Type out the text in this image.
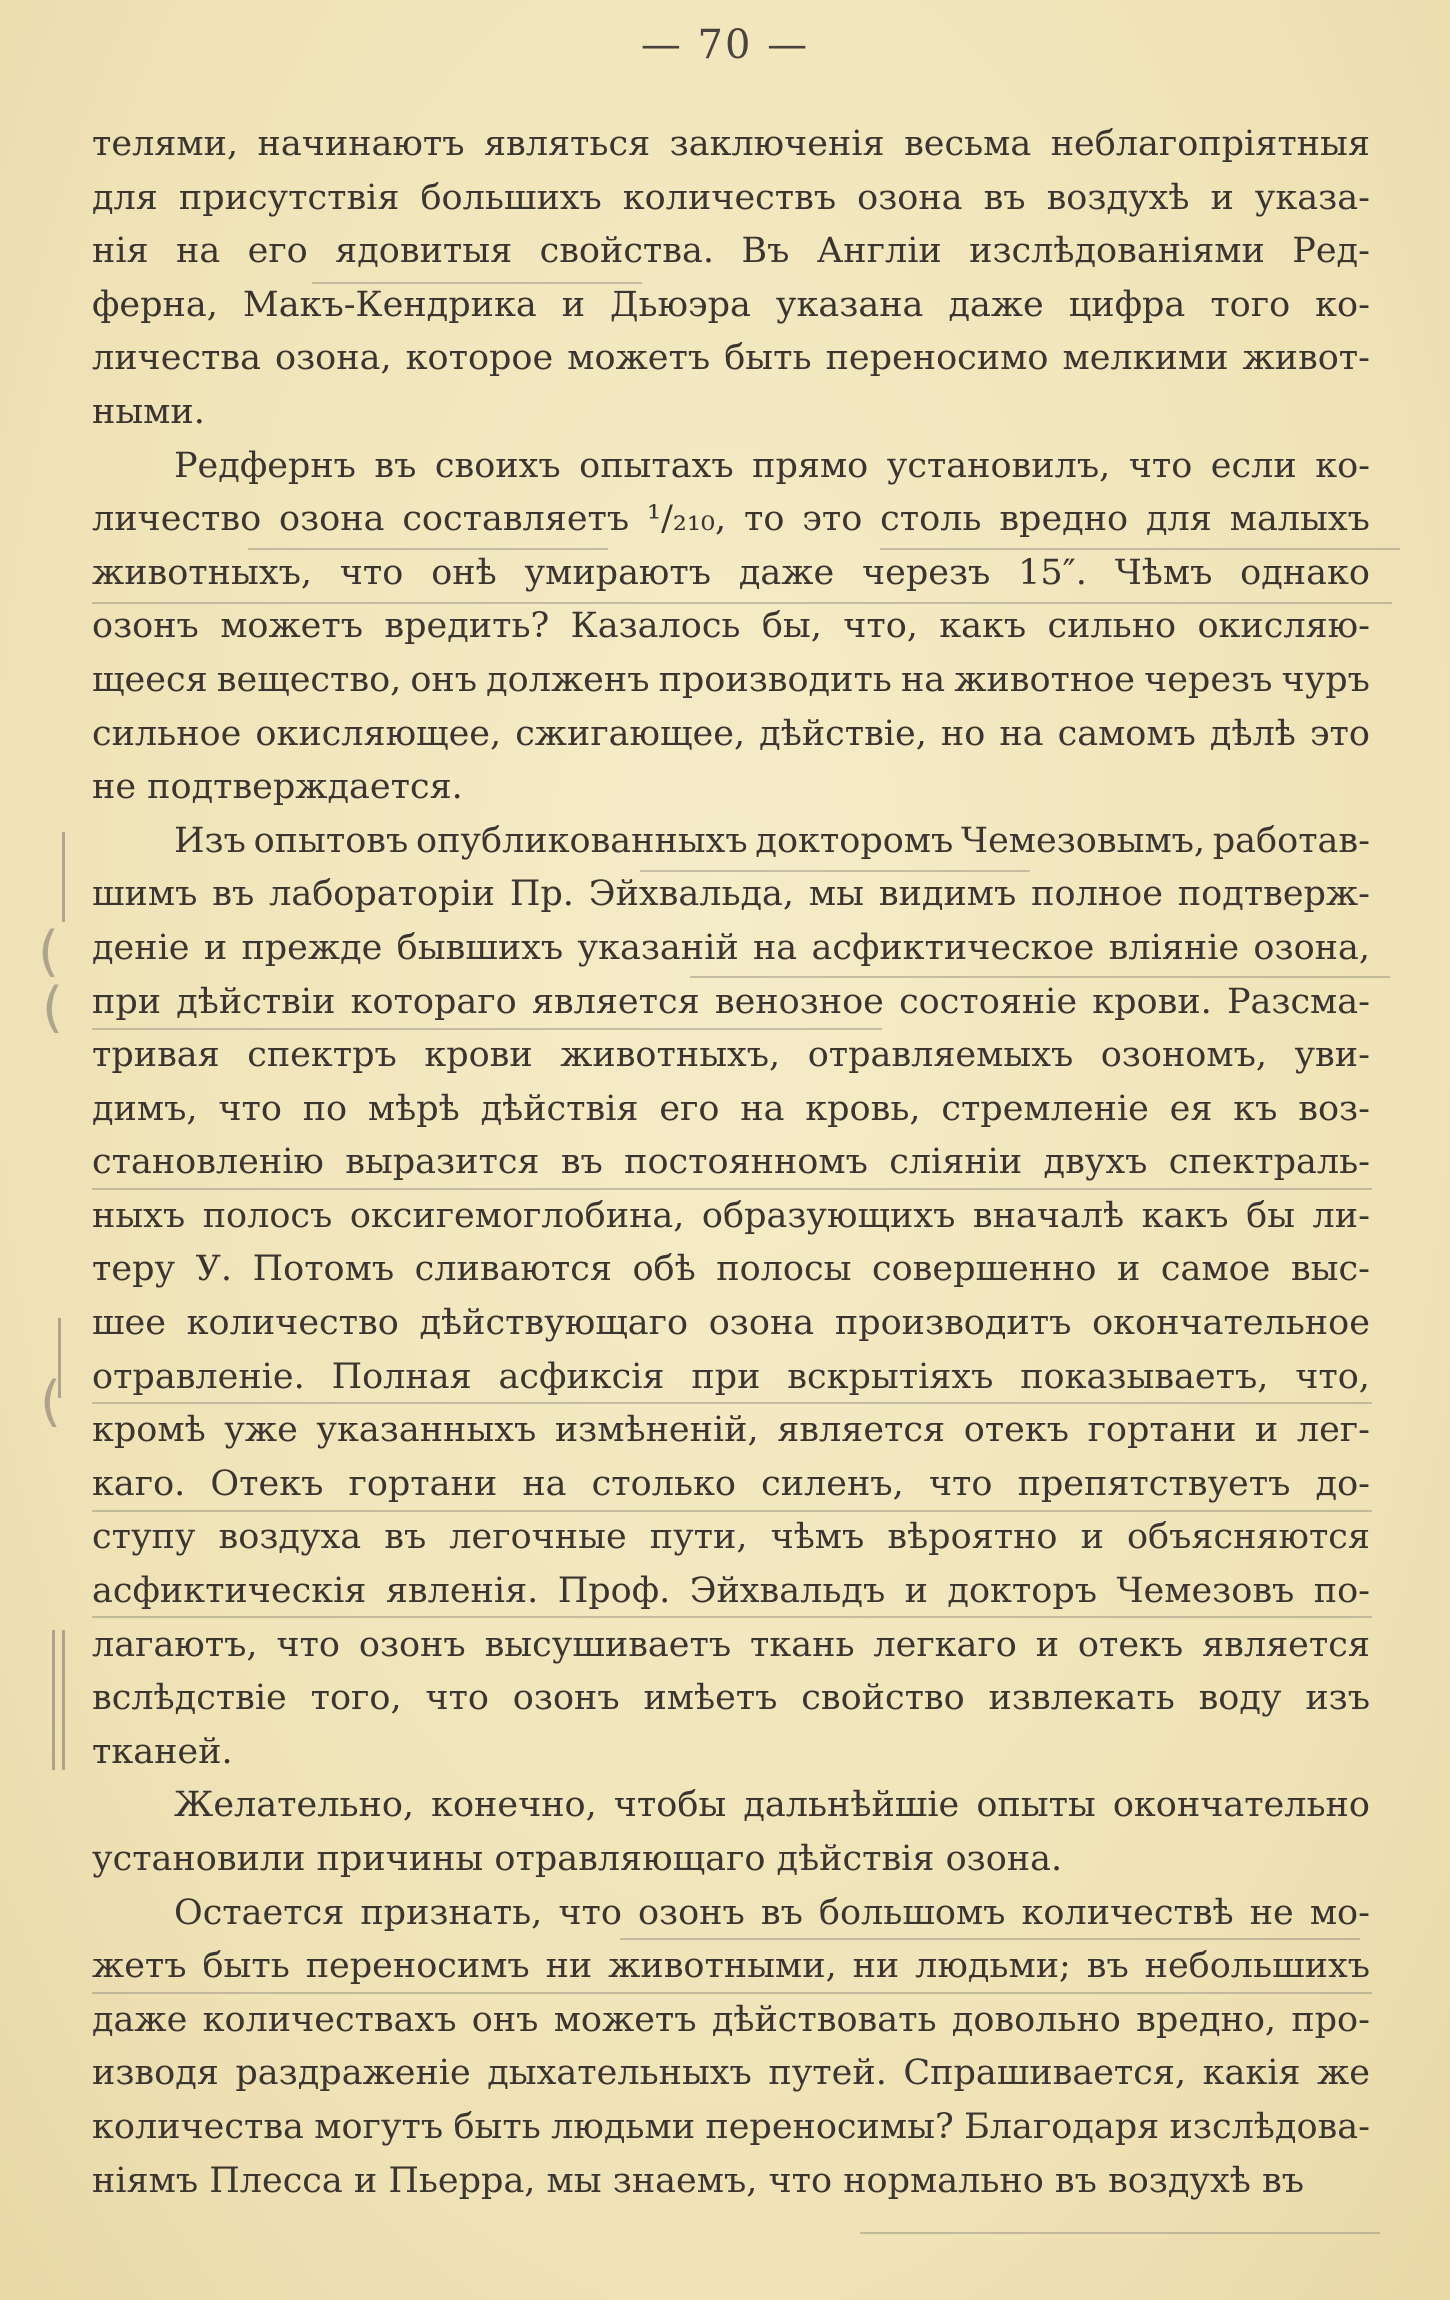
— 70 —
телями, начинаютъ являться заключенія весьма неблагопріятныя
для присутствія большихъ количествъ озона въ воздухѣ и указа-
нія на его ядовитыя свойства. Въ Англіи изслѣдованіями Ред-
ферна, Макъ-Кендрика и Дьюэра указана даже цифра того ко-
личества озона, которое можетъ быть переносимо мелкими живот-
ными.
Редфернъ въ своихъ опытахъ прямо установилъ, что если ко-
личество озона составляетъ ¹/₂₁₀, то это столь вредно для малыхъ
животныхъ, что онѣ умираютъ даже черезъ 15″. Чѣмъ однако
озонъ можетъ вредить? Казалось бы, что, какъ сильно окисляю-
щееся вещество, онъ долженъ производить на животное черезъ чуръ
сильное окисляющее, сжигающее, дѣйствіе, но на самомъ дѣлѣ это
не подтверждается.
Изъ опытовъ опубликованныхъ докторомъ Чемезовымъ, работав-
шимъ въ лабораторіи Пр. Эйхвальда, мы видимъ полное подтверж-
деніе и прежде бывшихъ указаній на асфиктическое вліяніе озона,
при дѣйствіи котораго является венозное состояніе крови. Разсма-
тривая спектръ крови животныхъ, отравляемыхъ озономъ, уви-
димъ, что по мѣрѣ дѣйствія его на кровь, стремленіе ея къ воз-
становленію выразится въ постоянномъ сліяніи двухъ спектраль-
ныхъ полосъ оксигемоглобина, образующихъ вначалѣ какъ бы ли-
теру У. Потомъ сливаются обѣ полосы совершенно и самое выс-
шее количество дѣйствующаго озона производитъ окончательное
отравленіе. Полная асфиксія при вскрытіяхъ показываетъ, что,
кромѣ уже указанныхъ измѣненій, является отекъ гортани и лег-
каго. Отекъ гортани на столько силенъ, что препятствуетъ до-
ступу воздуха въ легочные пути, чѣмъ вѣроятно и объясняются
асфиктическія явленія. Проф. Эйхвальдъ и докторъ Чемезовъ по-
лагаютъ, что озонъ высушиваетъ ткань легкаго и отекъ является
вслѣдствіе того, что озонъ имѣетъ свойство извлекать воду изъ
тканей.
Желательно, конечно, чтобы дальнѣйшіе опыты окончательно
установили причины отравляющаго дѣйствія озона.
Остается признать, что озонъ въ большомъ количествѣ не мо-
жетъ быть переносимъ ни животными, ни людьми; въ небольшихъ
даже количествахъ онъ можетъ дѣйствовать довольно вредно, про-
изводя раздраженіе дыхательныхъ путей. Спрашивается, какія же
количества могутъ быть людьми переносимы? Благодаря изслѣдова-
ніямъ Плесса и Пьерра, мы знаемъ, что нормально въ воздухѣ въ
(
(
(
